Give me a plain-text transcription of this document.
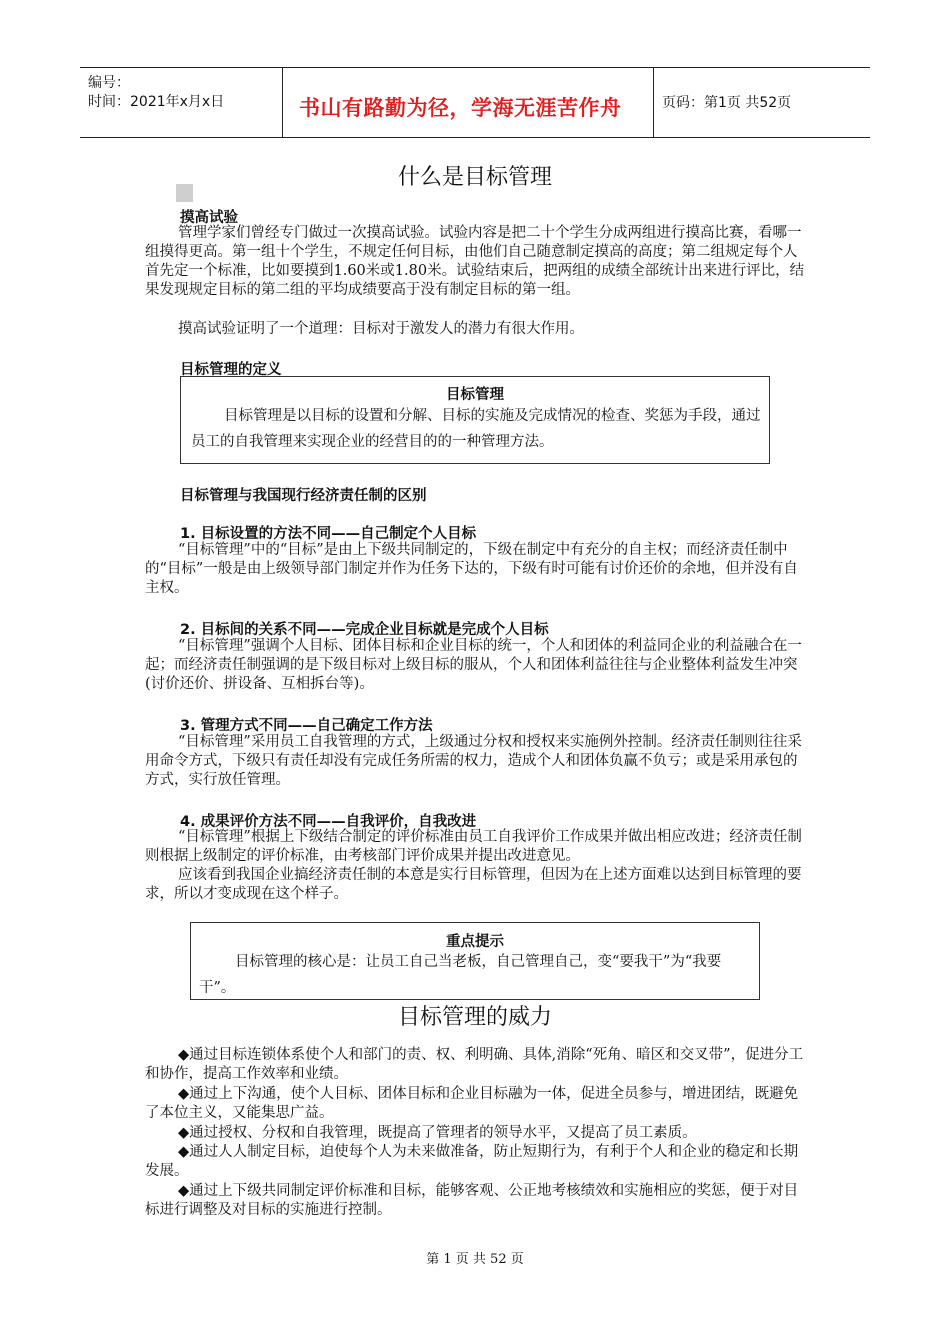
编号：
时间：2021年x月x日	书山有路勤为径，学海无涯苦作舟	页码：第1页 共52页
什么是目标管理
摸高试验

管理学家们曾经专门做过一次摸高试验。试验内容是把二十个学生分成两组进行摸高比赛，看哪一组摸得更高。第一组十个学生，不规定任何目标，由他们自己随意制定摸高的高度；第二组规定每个人首先定一个标准，比如要摸到1.60米或1.80米。试验结束后，把两组的成绩全部统计出来进行评比，结果发现规定目标的第二组的平均成绩要高于没有制定目标的第一组。

摸高试验证明了一个道理：目标对于激发人的潜力有很大作用。

目标管理的定义
目标管理

目标管理是以目标的设置和分解、目标的实施及完成情况的检查、奖惩为手段，通过员工的自我管理来实现企业的经营目的的一种管理方法。

目标管理与我国现行经济责任制的区别
1. 目标设置的方法不同——自己制定个人目标

“目标管理”中的“目标”是由上下级共同制定的，下级在制定中有充分的自主权；而经济责任制中的“目标”一般是由上级领导部门制定并作为任务下达的，下级有时可能有讨价还价的余地，但并没有自主权。

2. 目标间的关系不同——完成企业目标就是完成个人目标

“目标管理”强调个人目标、团体目标和企业目标的统一，个人和团体的利益同企业的利益融合在一起；而经济责任制强调的是下级目标对上级目标的服从，个人和团体利益往往与企业整体利益发生冲突(讨价还价、拼设备、互相拆台等)。

3. 管理方式不同——自己确定工作方法

“目标管理”采用员工自我管理的方式，上级通过分权和授权来实施例外控制。经济责任制则往往采用命令方式，下级只有责任却没有完成任务所需的权力，造成个人和团体负赢不负亏；或是采用承包的方式，实行放任管理。

4. 成果评价方法不同——自我评价，自我改进

“目标管理”根据上下级结合制定的评价标准由员工自我评价工作成果并做出相应改进；经济责任制则根据上级制定的评价标准，由考核部门评价成果并提出改进意见。

应该看到我国企业搞经济责任制的本意是实行目标管理，但因为在上述方面难以达到目标管理的要求，所以才变成现在这个样子。

重点提示

目标管理的核心是：让员工自己当老板，自己管理自己，变“要我干”为“我要干”。

目标管理的威力

◆通过目标连锁体系使个人和部门的责、权、利明确、具体,消除“死角、暗区和交叉带”，促进分工和协作，提高工作效率和业绩。

◆通过上下沟通，使个人目标、团体目标和企业目标融为一体，促进全员参与，增进团结，既避免了本位主义，又能集思广益。

◆通过授权、分权和自我管理，既提高了管理者的领导水平，又提高了员工素质。

◆通过人人制定目标，迫使每个人为未来做准备，防止短期行为，有利于个人和企业的稳定和长期发展。

◆通过上下级共同制定评价标准和目标，能够客观、公正地考核绩效和实施相应的奖惩，便于对目标进行调整及对目标的实施进行控制。

第 1 页 共 52 页
